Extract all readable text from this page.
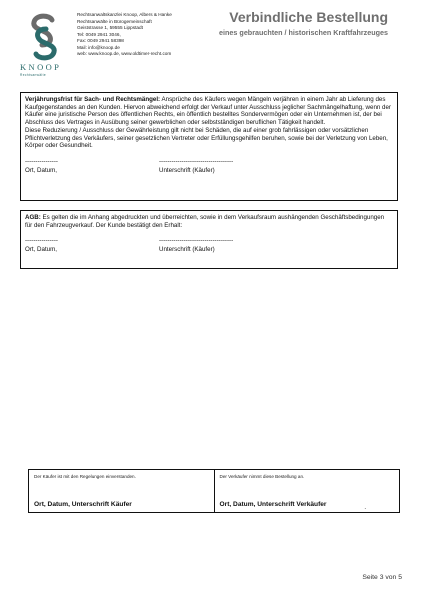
KNOOP
Rechtsanwälte
Rechtsanwaltskanzlei Knoop, Albers & Hanke
Rechtsanwälte in Bürogemeinschaft
Geiststrasse 1, 59555 Lippstadt
Tel: 0049 2941 3046,
Fax: 0049 2941 58398
Mail: info@knoop.de
web: www.knoop.de, www.oldtimer-recht.com
Verbindliche Bestellung
eines gebrauchten / historischen Kraftfahrzeuges

Verjährungsfrist für Sach- und Rechtsmängel: Ansprüche des Käufers wegen Mängeln verjähren in einem Jahr ab Lieferung des Kaufgegenstandes an den Kunden. Hiervon abweichend erfolgt der Verkauf unter Ausschluss jeglicher Sachmängelhaftung, wenn der Käufer eine juristische Person des öffentlichen Rechts, ein öffentlich bestelltes Sondervermögen oder ein Unternehmen ist, der bei Abschluss des Vertrages in Ausübung seiner gewerblichen oder selbstständigen beruflichen Tätigkeit handelt.

Diese Reduzierung / Ausschluss der Gewährleistung gilt nicht bei Schäden, die auf einer grob fahrlässigen oder vorsätzlichen Pflichtverletzung des Verkäufers, seiner gesetzlichen Vertreter oder Erfüllungsgehilfen beruhen, sowie bei der Verletzung von Leben, Körper oder Gesundheit.

----------------	------------------------------------
Ort, Datum,	Unterschrift (Käufer)

AGB: Es gelten die im Anhang abgedruckten und überreichten, sowie in dem Verkaufsraum aushängenden Geschäftsbedingungen für den Fahrzeugverkauf. Der Kunde bestätigt den Erhalt:

----------------	------------------------------------
Ort, Datum,	Unterschrift (Käufer)
Der Käufer ist mit den Regelungen einverstanden.
Ort, Datum, Unterschrift Käufer
Der Verkäufer nimmt diese Bestellung an.
Ort, Datum, Unterschrift Verkäufer	.
Seite 3 von 5
